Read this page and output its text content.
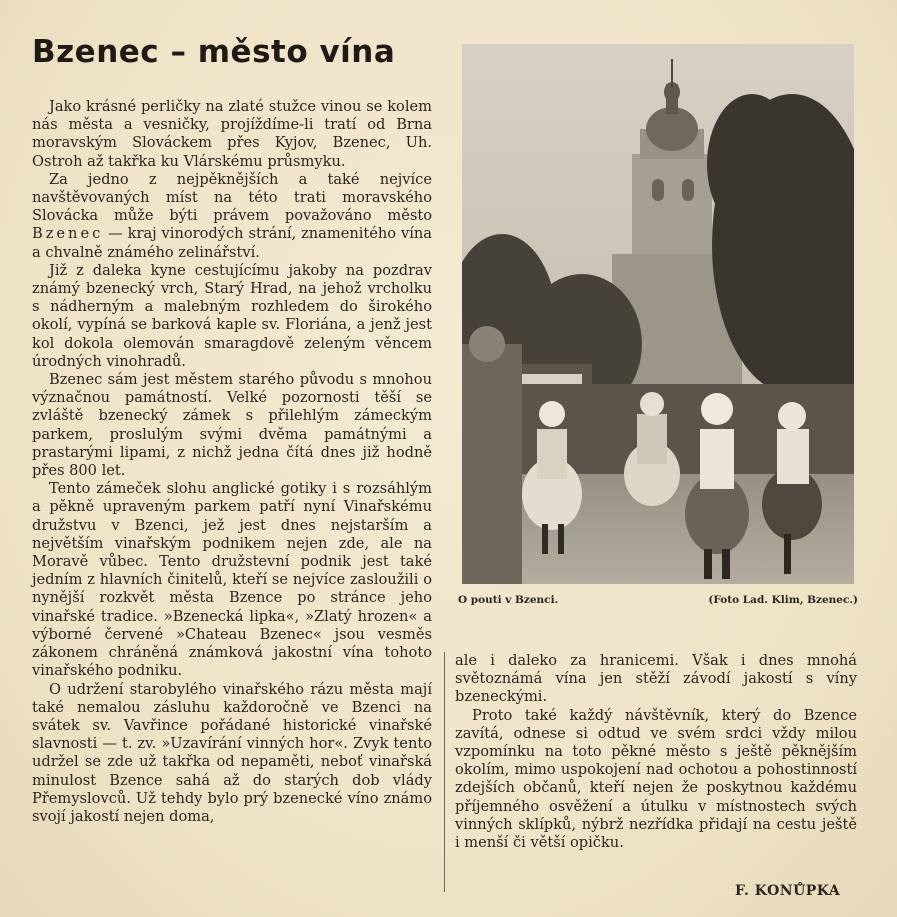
Bzenec – město vína

Jako krásné perličky na zlaté stužce vinou se kolem nás města a vesničky, projíždíme-li tratí od Brna moravským Slováckem přes Kyjov, Bzenec, Uh. Ostroh až takřka ku Vlárskému průsmyku.

Za jedno z nejpěknějších a také nejvíce navštěvovaných míst na této trati moravského Slovácka může býti právem považováno město Bzenec — kraj vinorodých strání, znamenitého vína a chvalně známého zelinářství.

Již z daleka kyne cestujícímu jakoby na pozdrav známý bzenecký vrch, Starý Hrad, na jehož vrcholku s nádherným a malebným rozhledem do širokého okolí, vypíná se barková kaple sv. Floriána, a jenž jest kol dokola olemován smaragdově zeleným věncem úrodných vinohradů.

Bzenec sám jest městem starého původu s mnohou význačnou památností. Velké pozornosti těší se zvláště bzenecký zámek s přilehlým zámeckým parkem, proslulým svými dvěma památnými a prastarými lipami, z nichž jedna čítá dnes již hodně přes 800 let.

Tento zámeček slohu anglické gotiky i s rozsáhlým a pěkně upraveným parkem patří nyní Vinařskému družstvu v Bzenci, jež jest dnes nejstarším a největším vinařským podnikem nejen zde, ale na Moravě vůbec. Tento družstevní podnik jest také jedním z hlavních činitelů, kteří se nejvíce zasloužili o nynější rozkvět města Bzence po stránce jeho vinařské tradice. »Bzenecká lipka«, »Zlatý hrozen« a výborné červené »Chateau Bzenec« jsou vesměs zákonem chráněná známková jakostní vína tohoto vinařského podniku.

O udržení starobylého vinařského rázu města mají také nemalou zásluhu každoročně ve Bzenci na svátek sv. Vavřince pořádané historické vinařské slavnosti — t. zv. »Uzavírání vinných hor«. Zvyk tento udržel se zde už takřka od nepaměti, neboť vinařská minulost Bzence sahá až do starých dob vlády Přemyslovců. Už tehdy bylo prý bzenecké víno známo svojí jakostí nejen doma,

O pouti v Bzenci.	(Foto Lad. Klim, Bzenec.)

ale i daleko za hranicemi. Však i dnes mnohá světoznámá vína jen stěží závodí jakostí s víny bzeneckými.

Proto také každý návštěvník, který do Bzence zavítá, odnese si odtud ve svém srdci vždy milou vzpomínku na toto pěkné město s ještě pěknějším okolím, mimo uspokojení nad ochotou a pohostinností zdejších občanů, kteří nejen že poskytnou každému příjemného osvěžení a útulku v místnostech svých vinných sklípků, nýbrž nezřídka přidají na cestu ještě i menší či větší opičku.

F. KONŮPKA
